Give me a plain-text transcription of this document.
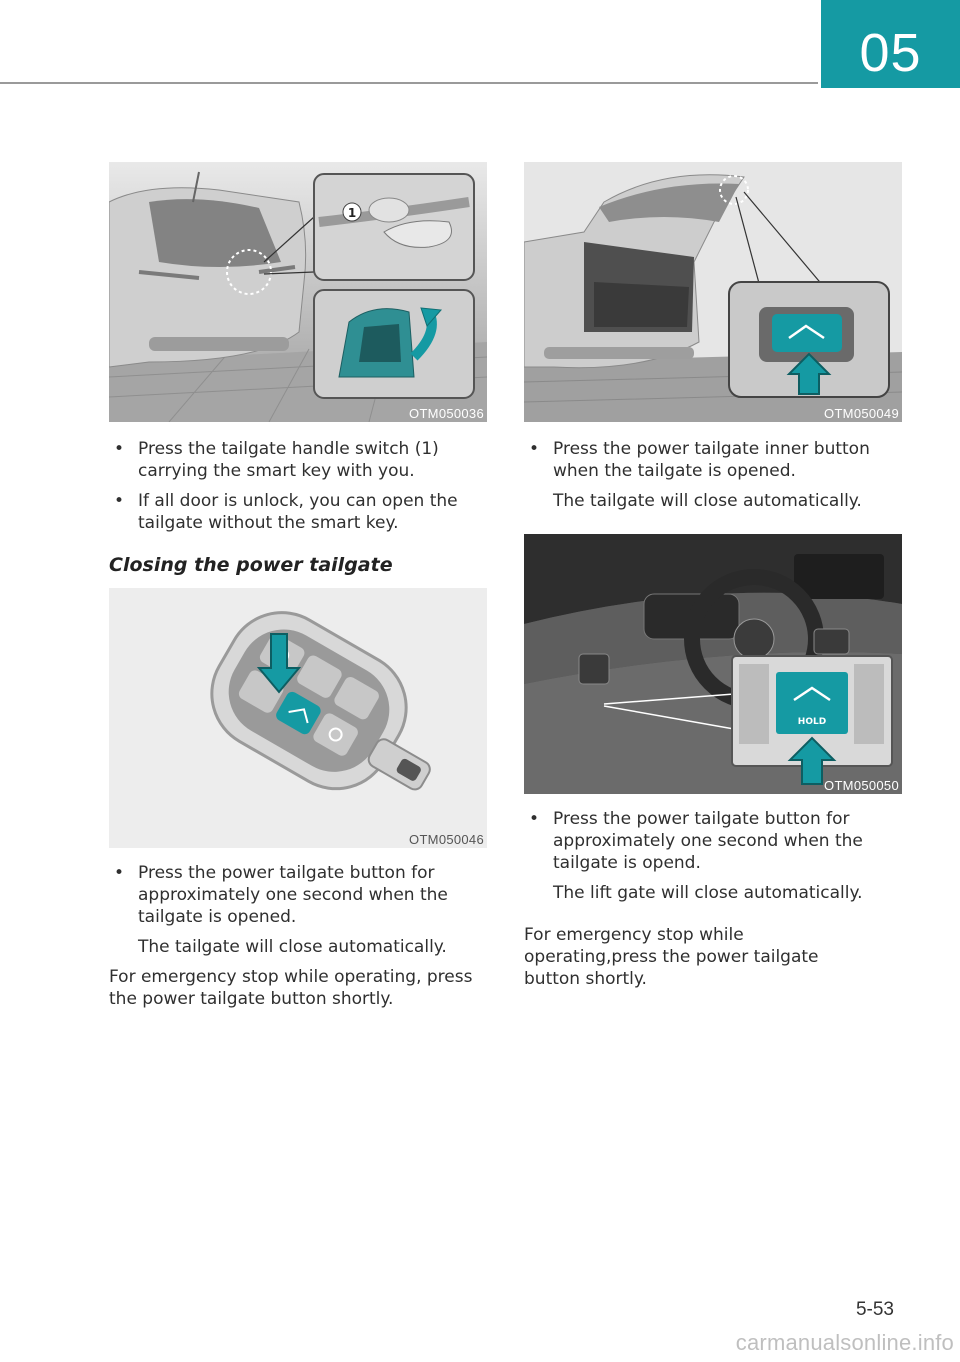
05
1
OTM050036
• Press the tailgate handle switch (1) carrying the smart key with you.
• If all door is unlock, you can open the tailgate without the smart key.
Closing the power tailgate
OTM050046
• Press the power tailgate button for approximately one second when the tailgate is opened.
The tailgate will close automatically.
For emergency stop while operating, press the power tailgate button shortly.
OTM050049
• Press the power tailgate inner button when the tailgate is opened.
The tailgate will close automatically.
HOLD
OTM050050
• Press the power tailgate button for approximately one second when the tailgate is opend.
The lift gate will close automatically.
For emergency stop while operating,press the power tailgate button shortly.
5-53
carmanualsonline.info
